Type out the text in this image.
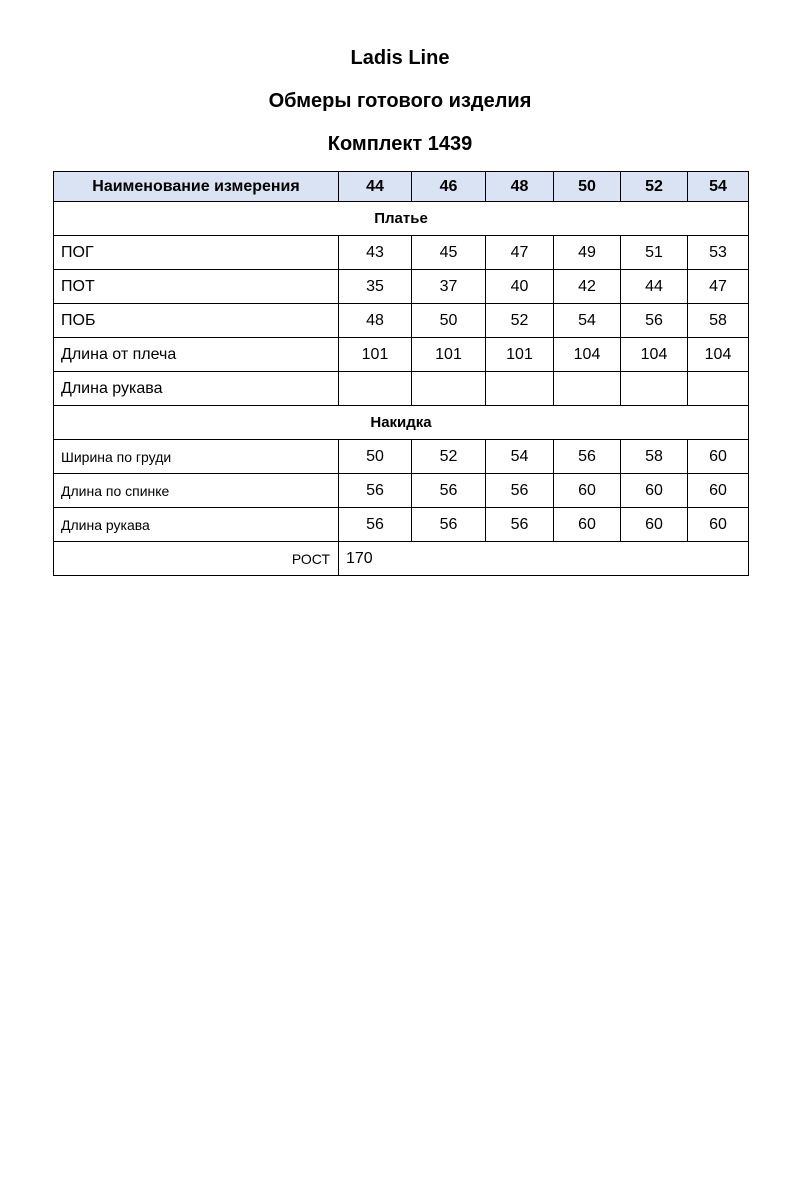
Ladis Line
Обмеры готового изделия
Комплект 1439
Наименование измерения	44	46	48	50	52	54
Платье						
ПОГ	43	45	47	49	51	53
ПОТ	35	37	40	42	44	47
ПОБ	48	50	52	54	56	58
Длина от плеча	101	101	101	104	104	104
Длина рукава						
Накидка						
Ширина по груди	50	52	54	56	58	60
Длина по спинке	56	56	56	60	60	60
Длина рукава	56	56	56	60	60	60
РОСТ	170					
